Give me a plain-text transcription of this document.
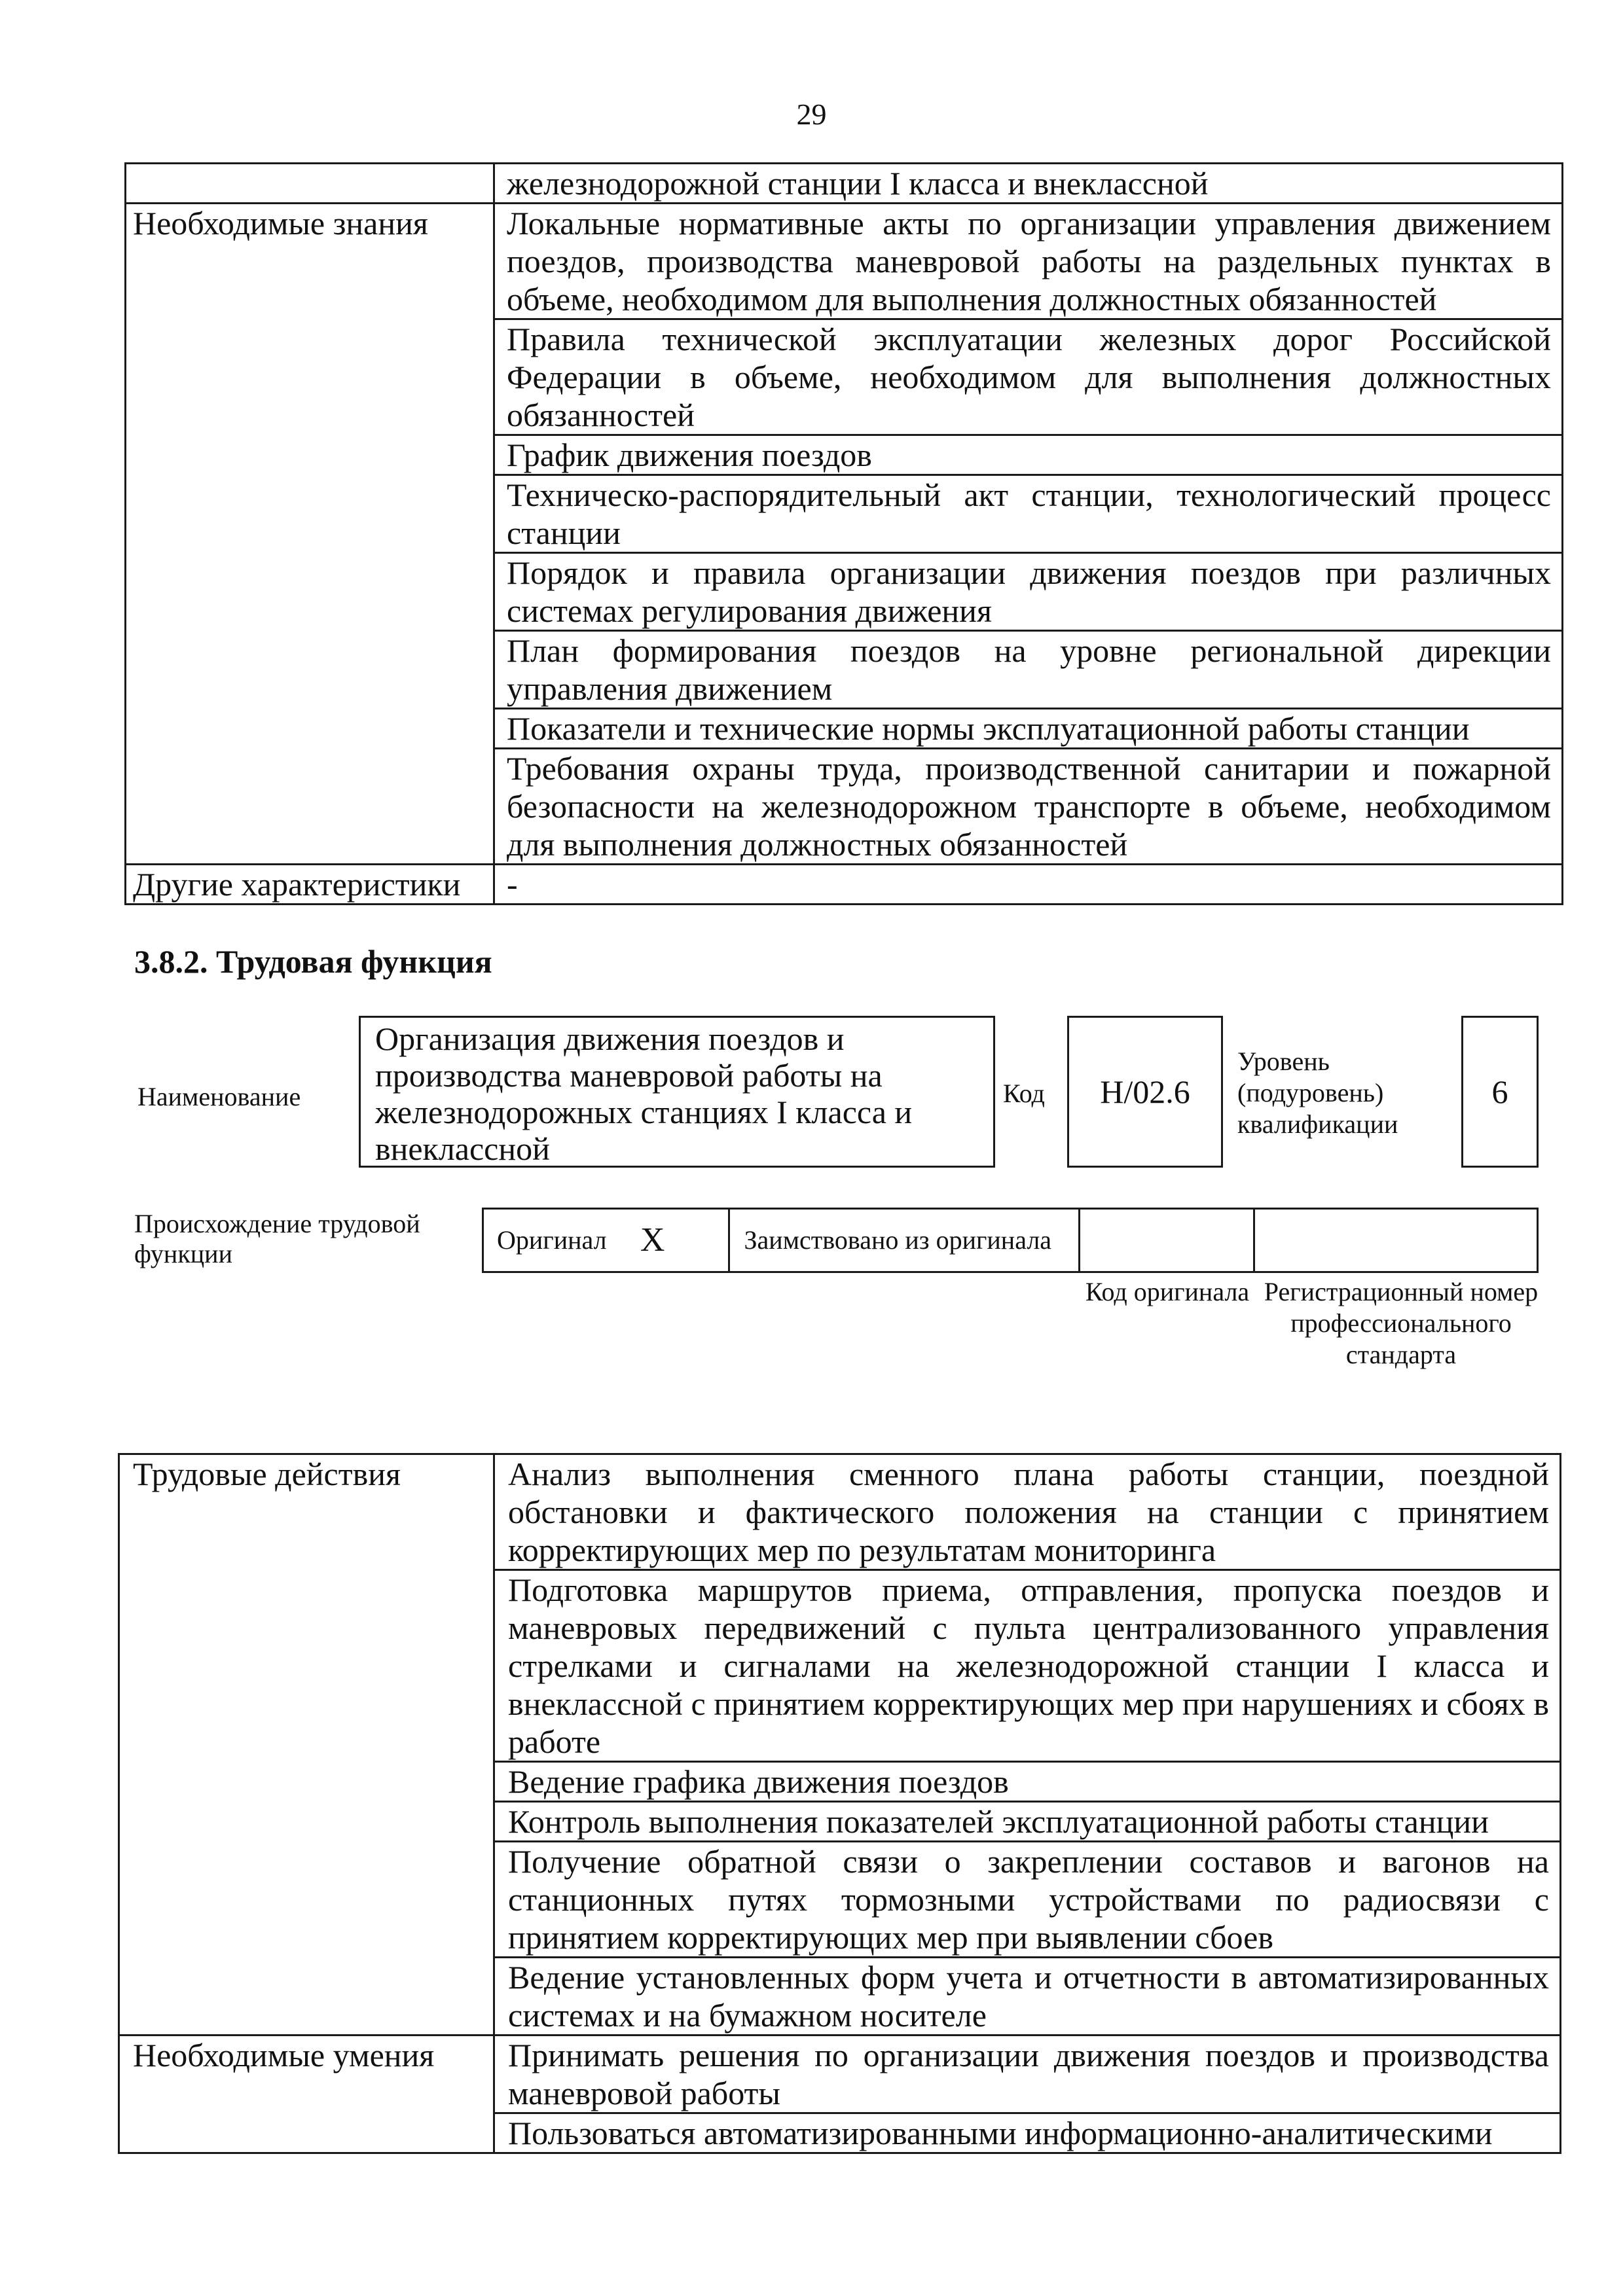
29
	железнодорожной станции I класса и внеклассной
Необходимые знания	Локальные нормативные акты по организации управления движением поездов, производства маневровой работы на раздельных пунктах в объеме, необходимом для выполнения должностных обязанностей
	Правила технической эксплуатации железных дорог Российской Федерации в объеме, необходимом для выполнения должностных обязанностей
	График движения поездов
	Техническо-распорядительный акт станции, технологический процесс станции
	Порядок и правила организации движения поездов при различных системах регулирования движения
	План формирования поездов на уровне региональной дирекции управления движением
	Показатели и технические нормы эксплуатационной работы станции
	Требования охраны труда, производственной санитарии и пожарной безопасности на железнодорожном транспорте в объеме, необходимом для выполнения должностных обязанностей
Другие характеристики	-
3.8.2. Трудовая функция
Наименование
Организация движения поездов и производства маневровой работы на железнодорожных станциях I класса и внеклассной
Код	Н/02.6
Уровень (подуровень) квалификации
6
Происхождение трудовой функции	Оригинал	X	Заимствовано из оригинала		
Код оригинала Регистрационный номер профессионального стандарта
Трудовые действия	Анализ выполнения сменного плана работы станции, поездной обстановки и фактического положения на станции с принятием корректирующих мер по результатам мониторинга
	Подготовка маршрутов приема, отправления, пропуска поездов и маневровых передвижений с пульта централизованного управления стрелками и сигналами на железнодорожной станции I класса и внеклассной с принятием корректирующих мер при нарушениях и сбоях в работе
	Ведение графика движения поездов
	Контроль выполнения показателей эксплуатационной работы станции
	Получение обратной связи о закреплении составов и вагонов на станционных путях тормозными устройствами по радиосвязи с принятием корректирующих мер при выявлении сбоев
	Ведение установленных форм учета и отчетности в автоматизированных системах и на бумажном носителе
Необходимые умения	Принимать решения по организации движения поездов и производства маневровой работы
	Пользоваться автоматизированными информационно-аналитическими
